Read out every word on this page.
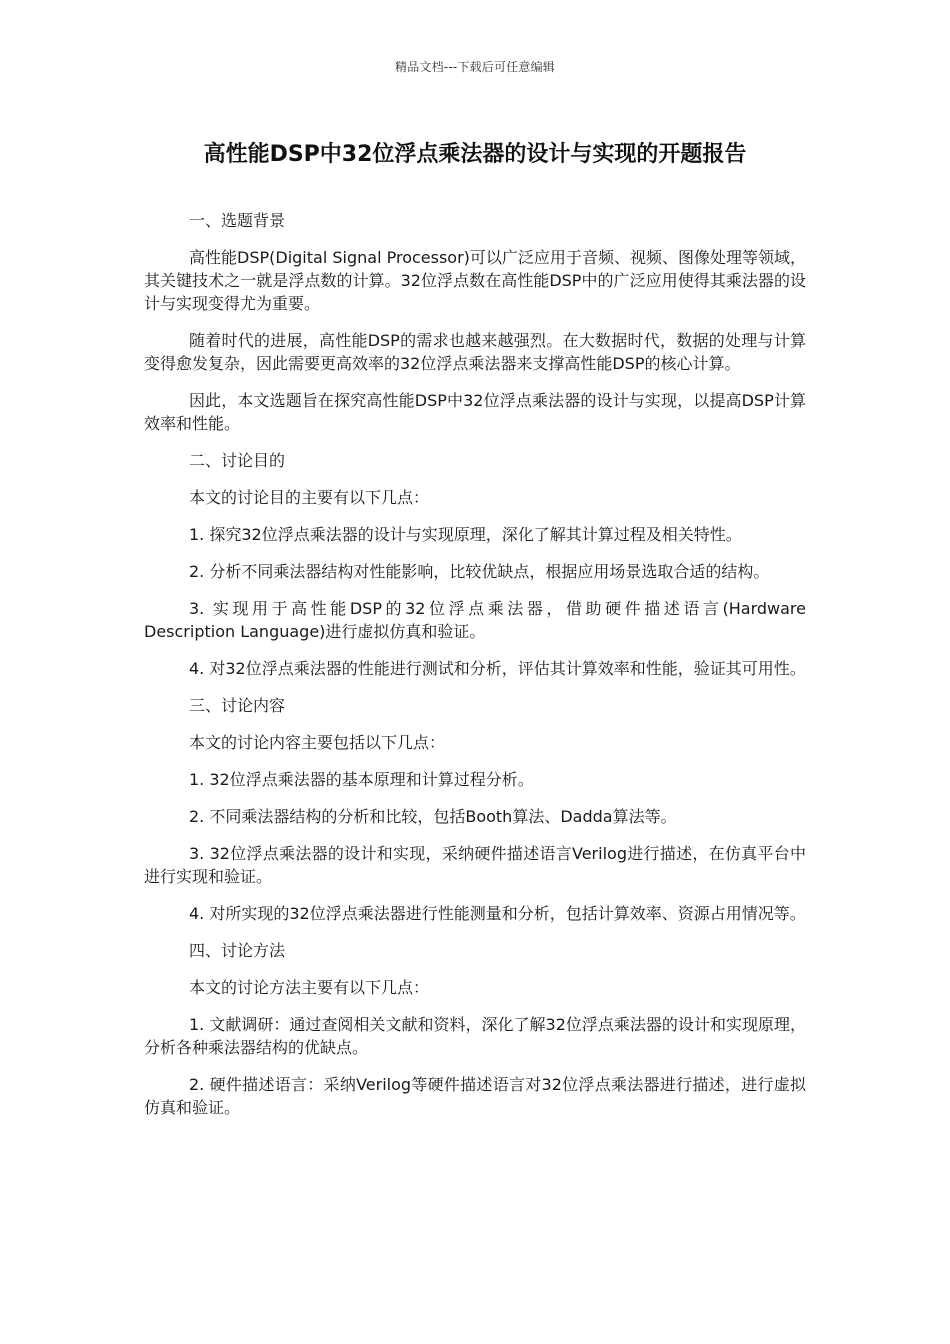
精品文档---下载后可任意编辑
高性能DSP中32位浮点乘法器的设计与实现的开题报告

一、选题背景

高性能DSP(Digital Signal Processor)可以广泛应用于音频、视频、图像处理等领域，其关键技术之一就是浮点数的计算。32位浮点数在高性能DSP中的广泛应用使得其乘法器的设计与实现变得尤为重要。

随着时代的进展，高性能DSP的需求也越来越强烈。在大数据时代，数据的处理与计算变得愈发复杂，因此需要更高效率的32位浮点乘法器来支撑高性能DSP的核心计算。

因此，本文选题旨在探究高性能DSP中32位浮点乘法器的设计与实现，以提高DSP计算效率和性能。

二、讨论目的

本文的讨论目的主要有以下几点：

1. 探究32位浮点乘法器的设计与实现原理，深化了解其计算过程及相关特性。

2. 分析不同乘法器结构对性能影响，比较优缺点，根据应用场景选取合适的结构。

3. 实现用于高性能DSP的32位浮点乘法器，借助硬件描述语言(Hardware Description Language)进行虚拟仿真和验证。

4. 对32位浮点乘法器的性能进行测试和分析，评估其计算效率和性能，验证其可用性。

三、讨论内容

本文的讨论内容主要包括以下几点：

1. 32位浮点乘法器的基本原理和计算过程分析。

2. 不同乘法器结构的分析和比较，包括Booth算法、Dadda算法等。

3. 32位浮点乘法器的设计和实现，采纳硬件描述语言Verilog进行描述，在仿真平台中进行实现和验证。

4. 对所实现的32位浮点乘法器进行性能测量和分析，包括计算效率、资源占用情况等。

四、讨论方法

本文的讨论方法主要有以下几点：

1. 文献调研：通过查阅相关文献和资料，深化了解32位浮点乘法器的设计和实现原理，分析各种乘法器结构的优缺点。

2. 硬件描述语言：采纳Verilog等硬件描述语言对32位浮点乘法器进行描述，进行虚拟仿真和验证。
